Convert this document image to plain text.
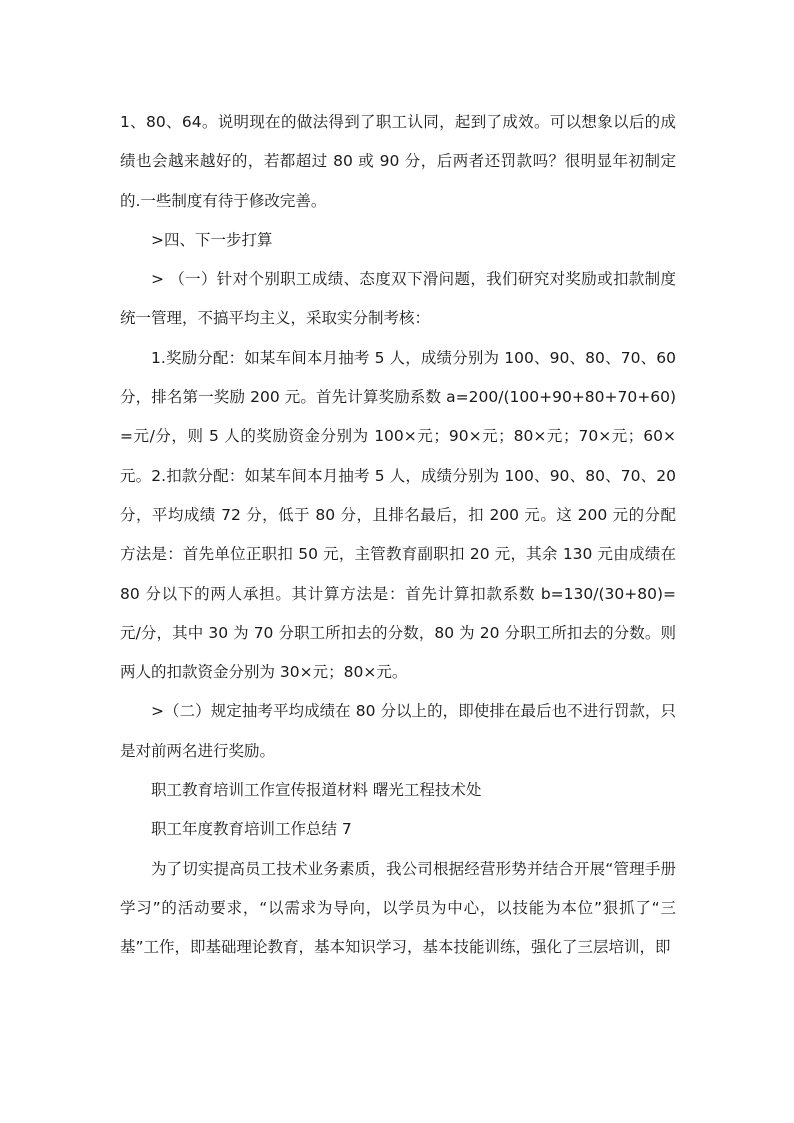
1、80、64。说明现在的做法得到了职工认同，起到了成效。可以想象以后的成绩也会越来越好的，若都超过 80 或 90 分，后两者还罚款吗？很明显年初制定的.一些制度有待于修改完善。

>四、下一步打算

> （一）针对个别职工成绩、态度双下滑问题，我们研究对奖励或扣款制度统一管理，不搞平均主义，采取实分制考核：

1.奖励分配：如某车间本月抽考 5 人，成绩分别为 100、90、80、70、60 分，排名第一奖励 200 元。首先计算奖励系数 a=200/(100+90+80+70+60)=元/分，则 5 人的奖励资金分别为 100×元；90×元；80×元；70×元；60×元。2.扣款分配：如某车间本月抽考 5 人，成绩分别为 100、90、80、70、20 分，平均成绩 72 分，低于 80 分，且排名最后，扣 200 元。这 200 元的分配方法是：首先单位正职扣 50 元，主管教育副职扣 20 元，其余 130 元由成绩在 80 分以下的两人承担。其计算方法是：首先计算扣款系数 b=130/(30+80)=元/分，其中 30 为 70 分职工所扣去的分数，80 为 20 分职工所扣去的分数。则两人的扣款资金分别为 30×元；80×元。

>（二）规定抽考平均成绩在 80 分以上的，即使排在最后也不进行罚款，只是对前两名进行奖励。

职工教育培训工作宣传报道材料 曙光工程技术处

职工年度教育培训工作总结 7

为了切实提高员工技术业务素质，我公司根据经营形势并结合开展“管理手册学习”的活动要求，“以需求为导向，以学员为中心，以技能为本位”狠抓了“三基”工作，即基础理论教育，基本知识学习，基本技能训练，强化了三层培训，即
